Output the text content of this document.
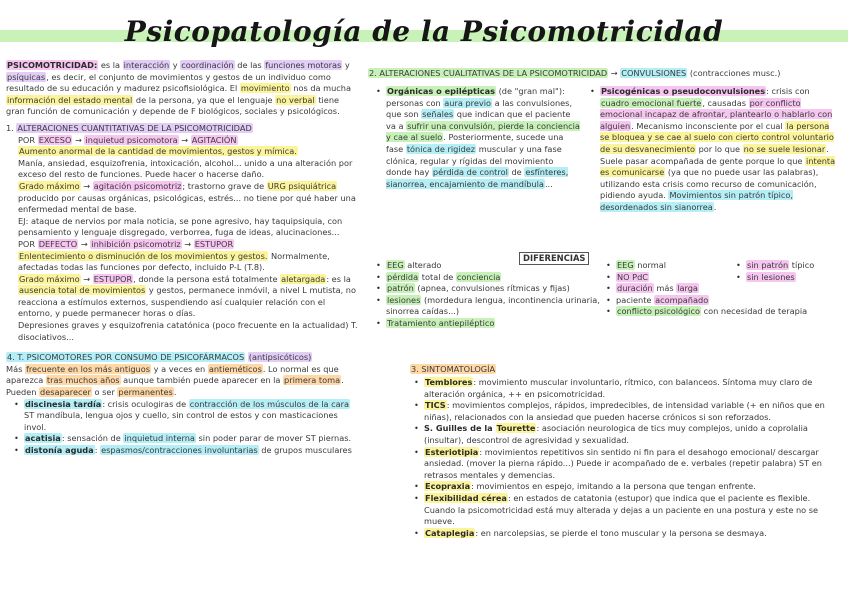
Psicopatología de la Psicomotricidad

PSICOMOTRICIDAD: es la interacción y coordinación de las funciones motoras y psíquicas, es decir, el conjunto de movimientos y gestos de un individuo como resultado de su educación y madurez psicofisiológica. El movimiento nos da mucha información del estado mental de la persona, ya que el lenguaje no verbal tiene gran función de comunicación y depende de F biológicos, sociales y psicológicos.

1. ALTERACIONES CUANTITATIVAS DE LA PSICOMOTRICIDAD

POR EXCESO → inquietud psicomotora → AGITACIÓN

Aumento anormal de la cantidad de movimientos, gestos y mímica.

Manía, ansiedad, esquizofrenia, intoxicación, alcohol... unido a una alteración por exceso del resto de funciones. Puede hacer o hacerse daño.

Grado máximo → agitación psicomotriz; trastorno grave de URG psiquiátrica producido por causas orgánicas, psicológicas, estrés... no tiene por qué haber una enfermedad mental de base.

EJ: ataque de nervios por mala noticia, se pone agresivo, hay taquipsiquia, con pensamiento y lenguaje disgregado, verborrea, fuga de ideas, alucinaciones...

POR DEFECTO → inhibición psicomotriz → ESTUPOR

Enlentecimiento o disminución de los movimientos y gestos. Normalmente, afectadas todas las funciones por defecto, incluido P-L (T.8).

Grado máximo → ESTUPOR, donde la persona está totalmente aletargada: es la ausencia total de movimientos y gestos, permanece inmóvil, a nivel L mutista, no reacciona a estímulos externos, suspendiendo así cualquier relación con el entorno, y puede permanecer horas o días.

Depresiones graves y esquizofrenia catatónica (poco frecuente en la actualidad) T. disociativos...

4. T. PSICOMOTORES POR CONSUMO DE PSICOFÁRMACOS (antipsicóticos)

Más frecuente en los más antiguos y a veces en antieméticos. Lo normal es que aparezca tras muchos años aunque también puede aparecer en la primera toma. Pueden desaparecer o ser permanentes.

• discinesia tardía: crisis oculogiras de contracción de los músculos de la cara ST mandíbula, lengua ojos y cuello, sin control de estos y con masticaciones invol.

• acatisia: sensación de inquietud interna sin poder parar de mover ST piernas.

• distonía aguda: espasmos/contracciones involuntarias de grupos musculares

2. ALTERACIONES CUALITATIVAS DE LA PSICOMOTRICIDAD → CONVULSIONES (contracciones musc.)

• Orgánicas o epilépticas (de "gran mal"): personas con aura previo a las convulsiones, que son señales que indican que el paciente va a sufrir una convulsión, pierde la conciencia y cae al suelo. Posteriormente, sucede una fase tónica de rigidez muscular y una fase clónica, regular y rígidas del movimiento donde hay pérdida de control de esfínteres, sianorrea, encajamiento de mandíbula...

• Psicogénicas o pseudoconvulsiones: crisis con cuadro emocional fuerte, causadas por conflicto emocional incapaz de afrontar, plantearlo o hablarlo con alguien. Mecanismo inconsciente por el cual la persona se bloquea y se cae al suelo con cierto control voluntario de su desvanecimiento por lo que no se suele lesionar. Suele pasar acompañada de gente porque lo que intenta es comunicarse (ya que no puede usar las palabras), utilizando esta crisis como recurso de comunicación, pidiendo ayuda. Movimientos sin patrón típico, desordenados sin sianorrea.

DIFERENCIAS

• EEG alterado

• pérdida total de conciencia

• patrón (apnea, convulsiones rítmicas y fijas)

• lesiones (mordedura lengua, incontinencia urinaria, sinorrea caídas...)

• Tratamiento antiepiléptico

• EEG normal

• NO PdC

• duración más larga

• paciente acompañado

• conflicto psicológico con necesidad de terapia

• sin patrón típico

• sin lesiones

3. SINTOMATOLOGÍA

• Temblores: movimiento muscular involuntario, rítmico, con balanceos. Síntoma muy claro de alteración orgánica, ++ en psicomotricidad.

• TICS: movimientos complejos, rápidos, impredecibles, de intensidad variable (+ en niños que en niñas), relacionados con la ansiedad que pueden hacerse crónicos si son reforzados.

• S. Guilles de la Tourette: asociación neurologica de tics muy complejos, unido a coprolalia (insultar), descontrol de agresividad y sexualidad.

• Esteriotipia: movimientos repetitivos sin sentido ni fin para el desahogo emocional/ descargar ansiedad. (mover la pierna rápido...) Puede ir acompañado de e. verbales (repetir palabra) ST en retrasos mentales y demencias.

• Ecopraxia: movimientos en espejo, imitando a la persona que tengan enfrente.

• Flexibilidad cérea: en estados de catatonia (estupor) que indica que el paciente es flexible. Cuando la psicomotricidad está muy alterada y dejas a un paciente en una postura y este no se mueve.

• Cataplegia: en narcolepsias, se pierde el tono muscular y la persona se desmaya.
